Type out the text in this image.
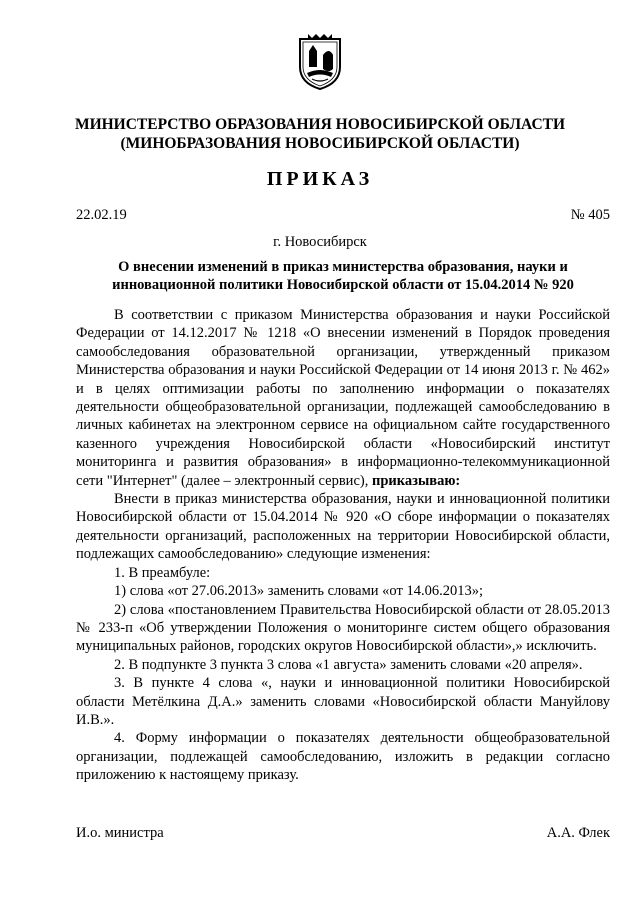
МИНИСТЕРСТВО ОБРАЗОВАНИЯ НОВОСИБИРСКОЙ ОБЛАСТИ
(МИНОБРАЗОВАНИЯ НОВОСИБИРСКОЙ ОБЛАСТИ)
ПРИКАЗ
22.02.19	№ 405
г. Новосибирск
О внесении изменений в приказ министерства образования, науки и
инновационной политики Новосибирской области от 15.04.2014 № 920

В соответствии с приказом Министерства образования и науки Российской Федерации от 14.12.2017 № 1218 «О внесении изменений в Порядок проведения самообследования образовательной организации, утвержденный приказом Министерства образования и науки Российской Федерации от 14 июня 2013 г. № 462» и в целях оптимизации работы по заполнению информации о показателях деятельности общеобразовательной организации, подлежащей самообследованию в личных кабинетах на электронном сервисе на официальном сайте государственного казенного учреждения Новосибирской области «Новосибирский институт мониторинга и развития образования» в информационно-телекоммуникационной сети "Интернет" (далее – электронный сервис), приказываю:

Внести в приказ министерства образования, науки и инновационной политики Новосибирской области от 15.04.2014 № 920 «О сборе информации о показателях деятельности организаций, расположенных на территории Новосибирской области, подлежащих самообследованию» следующие изменения:

1. В преамбуле:

1) слова «от 27.06.2013» заменить словами «от 14.06.2013»;

2) слова «постановлением Правительства Новосибирской области от 28.05.2013 № 233-п «Об утверждении Положения о мониторинге систем общего образования муниципальных районов, городских округов Новосибирской области»,» исключить.

2. В подпункте 3 пункта 3 слова «1 августа» заменить словами «20 апреля».

3. В пункте 4 слова «, науки и инновационной политики Новосибирской области Метёлкина Д.А.» заменить словами «Новосибирской области Мануйлову И.В.».

4. Форму информации о показателях деятельности общеобразовательной организации, подлежащей самообследованию, изложить в редакции согласно приложению к настоящему приказу.

И.о. министра	А.А. Флек
